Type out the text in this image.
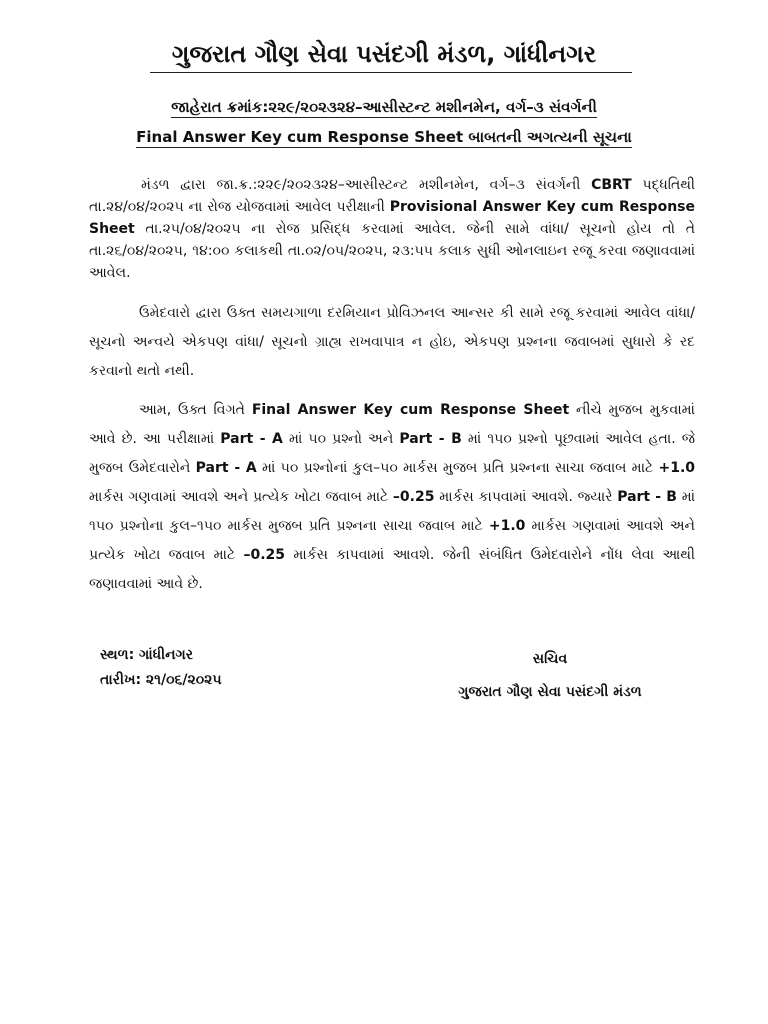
ગુજરાત ગૌણ સેવા પસંદગી મંડળ, ગાંધીનગર
જાહેરાત ક્રમાંક:૨૨૯/૨૦૨૩૨૪–આસીસ્ટન્ટ મશીનમેન, વર્ગ–૩ સંવર્ગની
Final Answer Key cum Response Sheet બાબતની અગત્યની સૂચના

મંડળ દ્વારા જા.ક્ર.:૨૨૯/૨૦૨૩૨૪–આસીસ્ટન્ટ મશીનમેન, વર્ગ–૩ સંવર્ગની CBRT પદ્ધતિથી તા.૨૪/૦૪/૨૦૨૫ ના રોજ યોજવામાં આવેલ પરીક્ષાની Provisional Answer Key cum Response Sheet તા.૨૫/૦૪/૨૦૨૫ ના રોજ પ્રસિદ્ધ કરવામાં આવેલ. જેની સામે વાંધા/ સૂચનો હોય તો તે તા.૨૬/૦૪/૨૦૨૫, ૧૪:૦૦ કલાકથી તા.૦૨/૦૫/૨૦૨૫, ૨૩:૫૫ કલાક સુધી ઓનલાઇન રજૂ કરવા જણાવવામાં આવેલ.

ઉમેદવારો દ્વારા ઉક્ત સમયગાળા દરમિયાન પ્રોવિઝનલ આન્સર કી સામે રજૂ કરવામાં આવેલ વાંધા/ સૂચનો અન્વયે એકપણ વાંધા/ સૂચનો ગ્રાહ્ય રાખવાપાત્ર ન હોઇ, એકપણ પ્રશ્નના જવાબમાં સુધારો કે રદ કરવાનો થતો નથી.

આમ, ઉક્ત વિગતે Final Answer Key cum Response Sheet નીચે મુજબ મુકવામાં આવે છે. આ પરીક્ષામાં Part - A માં ૫૦ પ્રશ્નો અને Part - B માં ૧૫૦ પ્રશ્નો પૂછવામાં આવેલ હતા. જે મુજબ ઉમેદવારોને Part - A માં ૫૦ પ્રશ્નોનાં કુલ–૫૦ માર્કસ મુજબ પ્રતિ પ્રશ્નના સાચા જવાબ માટે +1.0 માર્કસ ગણવામાં આવશે અને પ્રત્યેક ખોટા જવાબ માટે –0.25 માર્કસ કાપવામાં આવશે. જ્યારે Part - B માં ૧૫૦ પ્રશ્નોના કુલ–૧૫૦ માર્કસ મુજબ પ્રતિ પ્રશ્નના સાચા જવાબ માટે +1.0 માર્કસ ગણવામાં આવશે અને પ્રત્યેક ખોટા જવાબ માટે –0.25 માર્કસ કાપવામાં આવશે. જેની સંબંધિત ઉમેદવારોને નોંધ લેવા આથી જણાવવામાં આવે છે.

સ્થળ: ગાંધીનગર
તારીખ: ૨૧/૦૬/૨૦૨૫
સચિવ
ગુજરાત ગૌણ સેવા પસંદગી મંડળ
